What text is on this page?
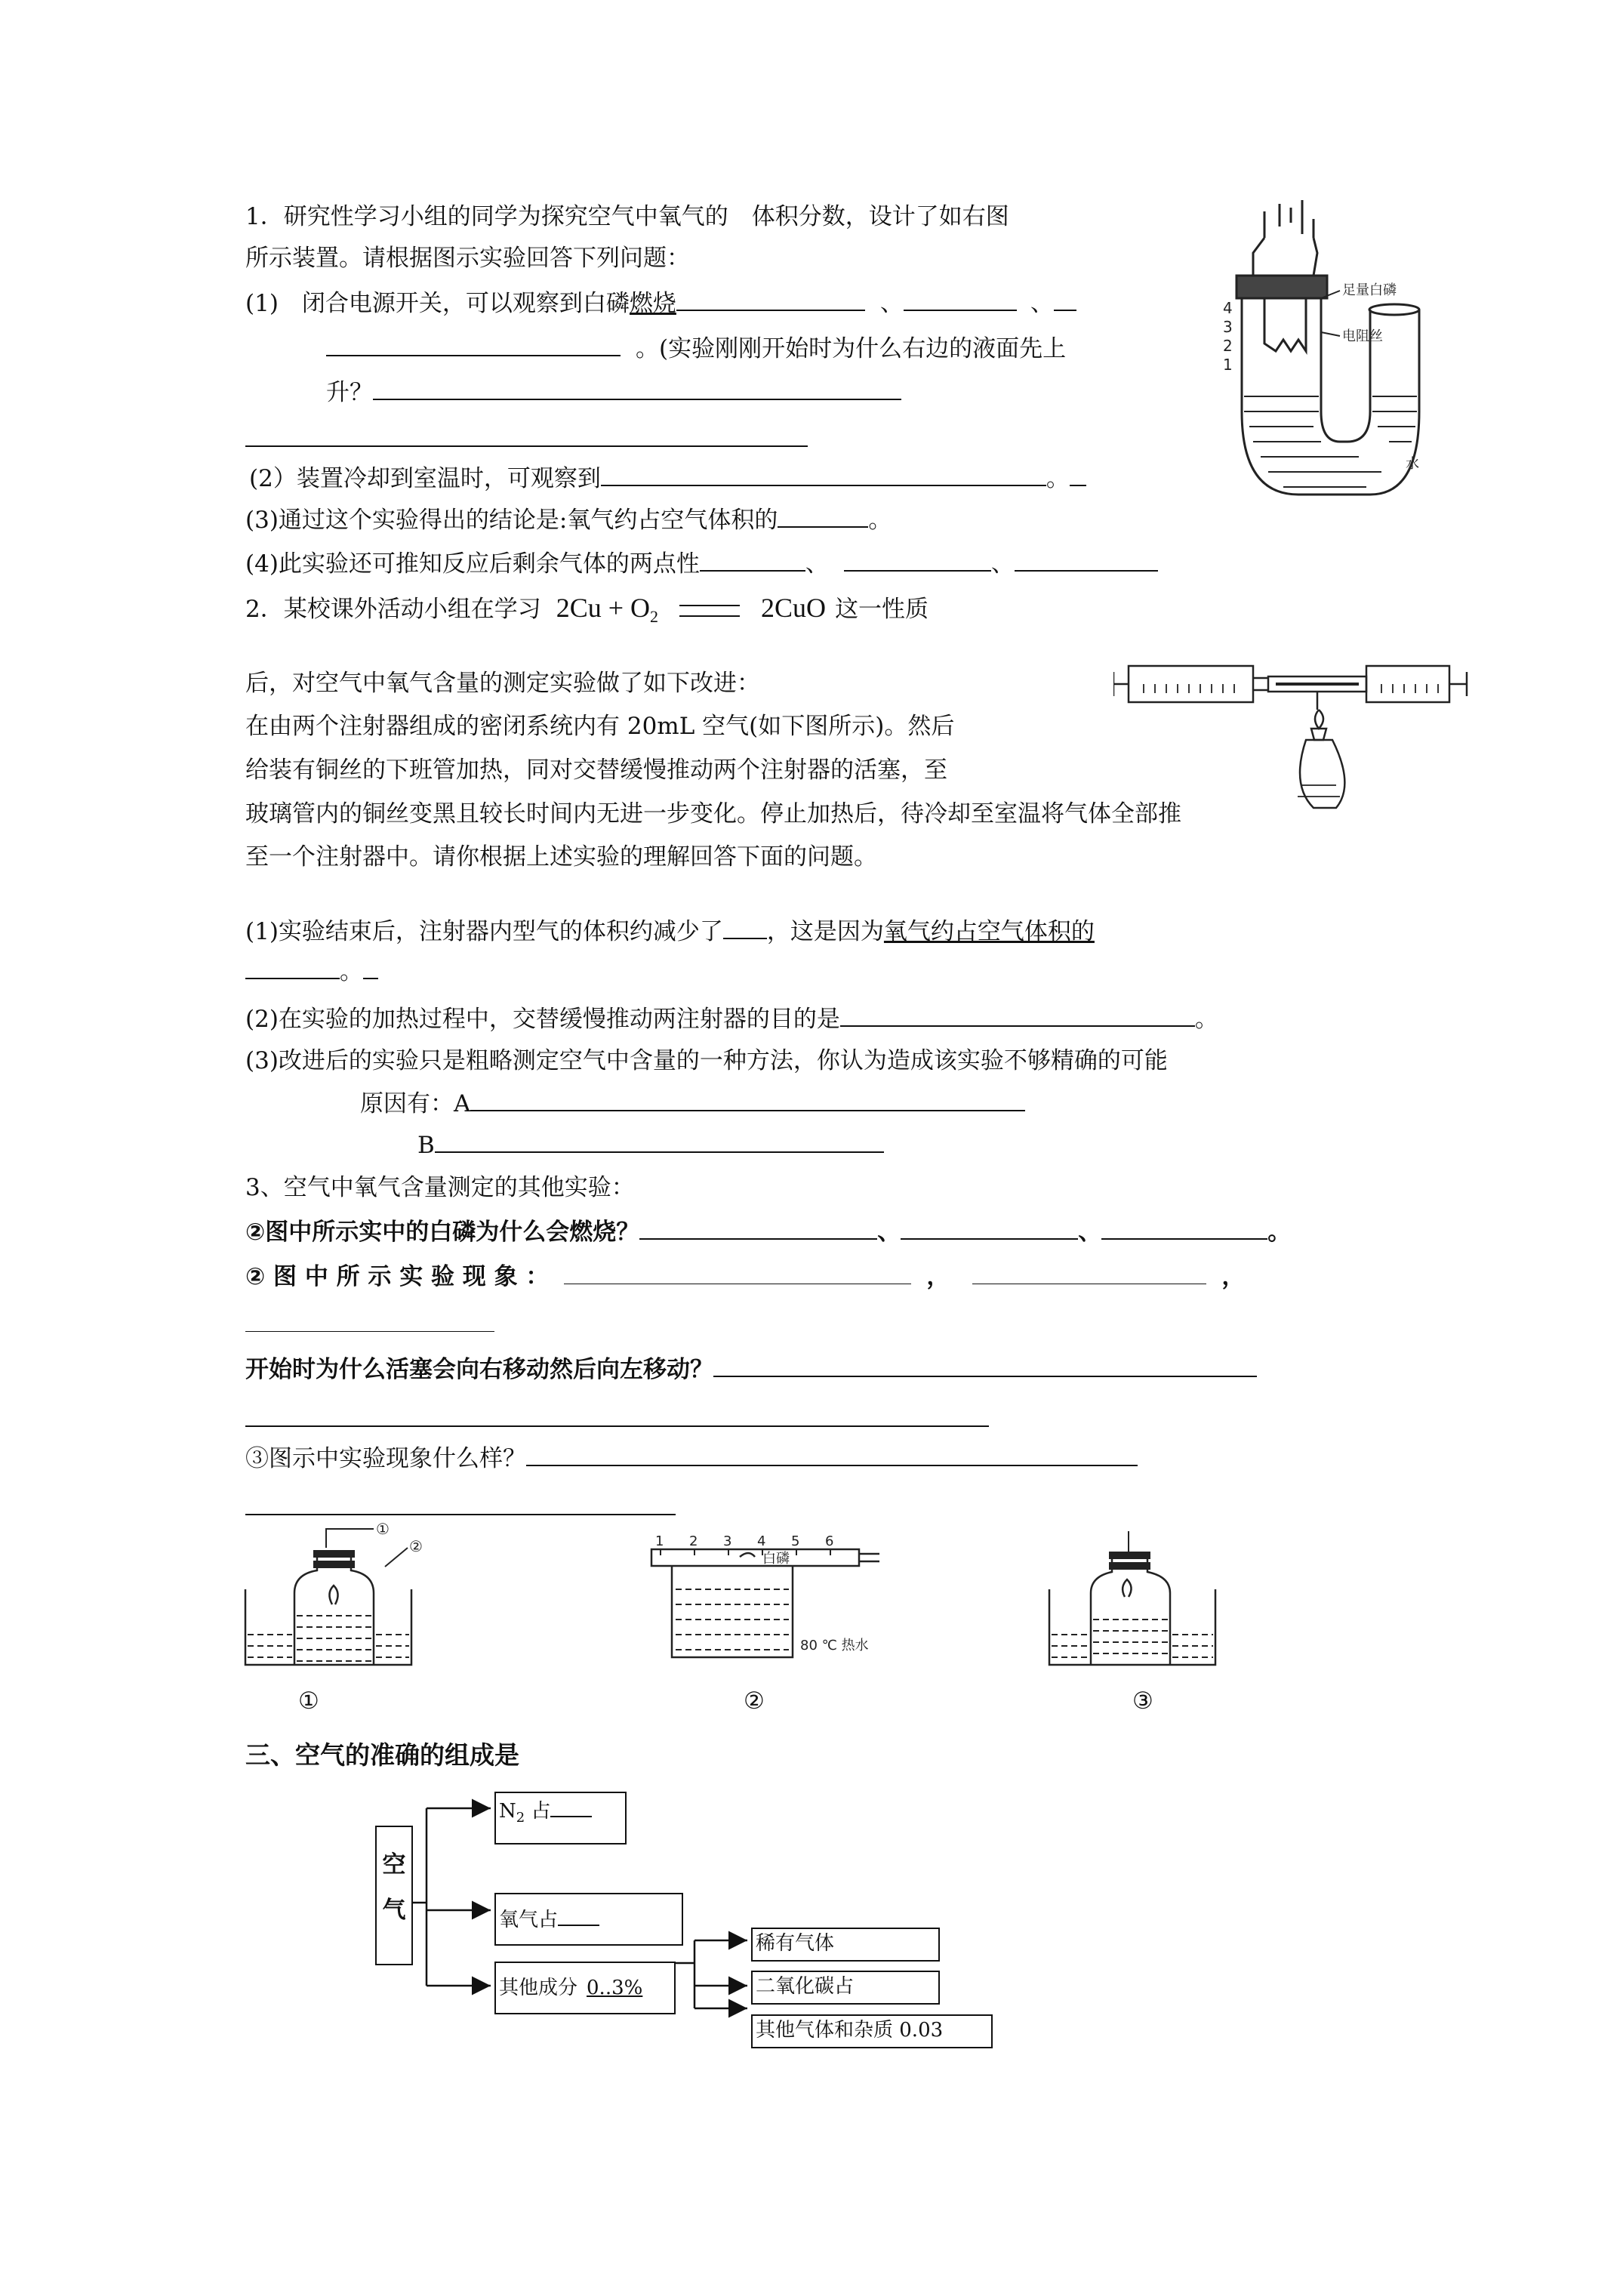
1．研究性学习小组的同学为探究空气中氧气的　体积分数，设计了如右图
所示装置。请根据图示实验回答下列问题：
(1)　闭合电源开关，可以观察到白磷燃烧	、	、
。(实验刚刚开始时为什么右边的液面先上
升？
(2）装置冷却到室温时，可观察到	。
(3)通过这个实验得出的结论是:氧气约占空气体积的	。
(4)此实验还可推知反应后剩余气体的两点性	、	、
足量白磷
电阻丝
4
3
2
1
水
2．某校课外活动小组在学习 $2Cu + O_2$	2CuO 这一性质
后，对空气中氧气含量的测定实验做了如下改进：
在由两个注射器组成的密闭系统内有 20mL 空气(如下图所示)。然后
给装有铜丝的下班管加热，同对交替缓慢推动两个注射器的活塞，至
玻璃管内的铜丝变黑且较长时间内无进一步变化。停止加热后，待冷却至室温将气体全部推
至一个注射器中。请你根据上述实验的理解回答下面的问题。
(1)实验结束后，注射器内型气的体积约减少了 ，这是因为氧气约占空气体积的
。
(2)在实验的加热过程中，交替缓慢推动两注射器的目的是	。
(3)改进后的实验只是粗略测定空气中含量的一种方法，你认为造成该实验不够精确的可能
原因有：A
B
3、空气中氧气含量测定的其他实验：
②图中所示实中的白磷为什么会燃烧？	、	、	。
② 图 中 所 示 实 验 现 象 ：	，	，
开始时为什么活塞会向右移动然后向左移动？
③图示中实验现象什么样？
①
②	1 2 3 4 5 6
白磷
80 ℃ 热水
①	②	③
三、空气的准确的组成是
空
气
$N_2$ 占
氧气占
其他成分 0..3%
稀有气体
二氧化碳占
其他气体和杂质 0.03
